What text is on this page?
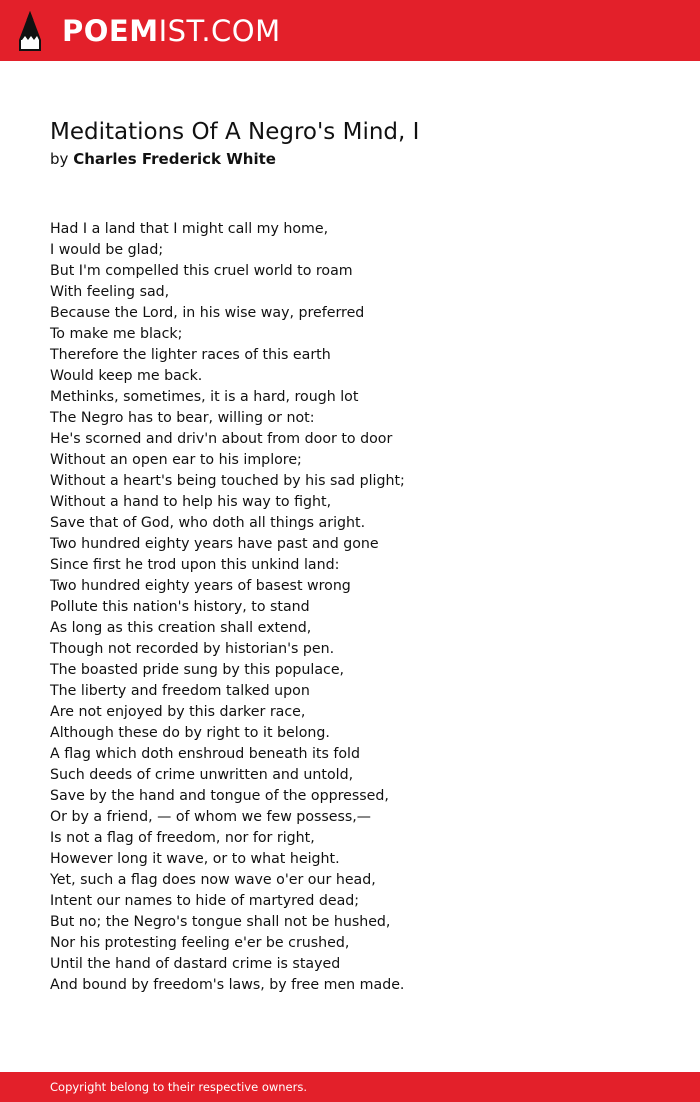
POEMIST.COM
Meditations Of A Negro's Mind, I
by Charles Frederick White
Had I a land that I might call my home,
I would be glad;
But I'm compelled this cruel world to roam
With feeling sad,
Because the Lord, in his wise way, preferred
To make me black;
Therefore the lighter races of this earth
Would keep me back.
Methinks, sometimes, it is a hard, rough lot
The Negro has to bear, willing or not:
He's scorned and driv'n about from door to door
Without an open ear to his implore;
Without a heart's being touched by his sad plight;
Without a hand to help his way to fight,
Save that of God, who doth all things aright.
Two hundred eighty years have past and gone
Since first he trod upon this unkind land:
Two hundred eighty years of basest wrong
Pollute this nation's history, to stand
As long as this creation shall extend,
Though not recorded by historian's pen.
The boasted pride sung by this populace,
The liberty and freedom talked upon
Are not enjoyed by this darker race,
Although these do by right to it belong.
A flag which doth enshroud beneath its fold
Such deeds of crime unwritten and untold,
Save by the hand and tongue of the oppressed,
Or by a friend, — of whom we few possess,—
Is not a flag of freedom, nor for right,
However long it wave, or to what height.
Yet, such a flag does now wave o'er our head,
Intent our names to hide of martyred dead;
But no; the Negro's tongue shall not be hushed,
Nor his protesting feeling e'er be crushed,
Until the hand of dastard crime is stayed
And bound by freedom's laws, by free men made.
Copyright belong to their respective owners.
